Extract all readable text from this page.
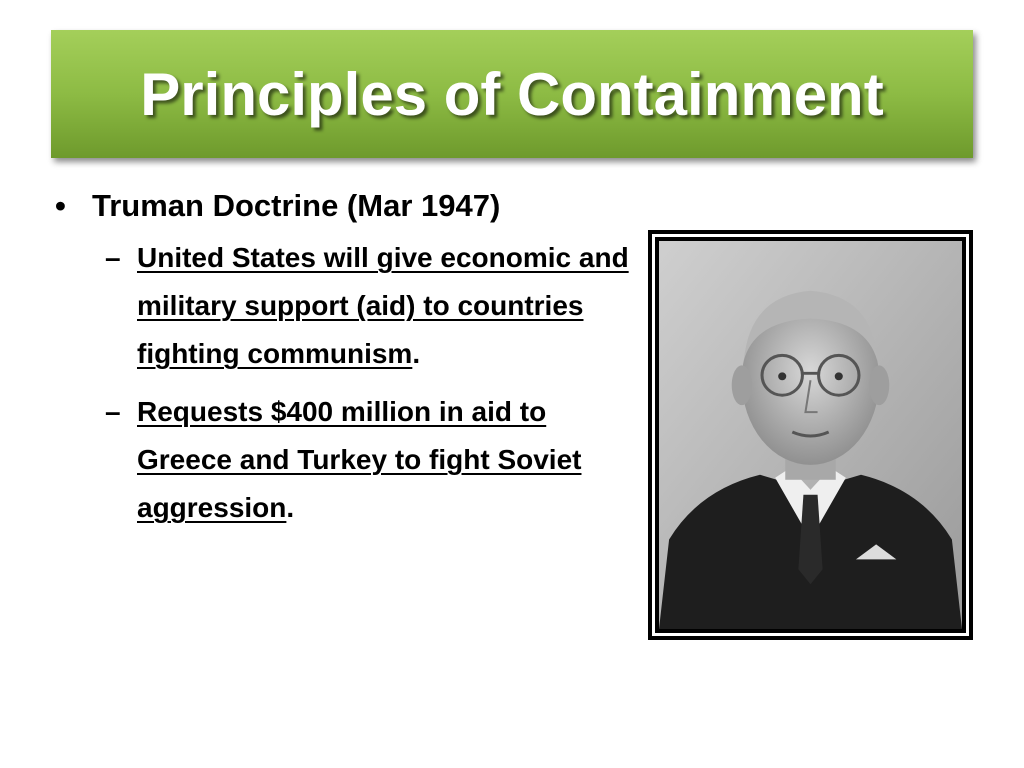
Principles of Containment
• Truman Doctrine (Mar 1947)
– United States will give economic and military support (aid) to countries fighting communism.
– Requests $400 million in aid to Greece and Turkey to fight Soviet aggression.
